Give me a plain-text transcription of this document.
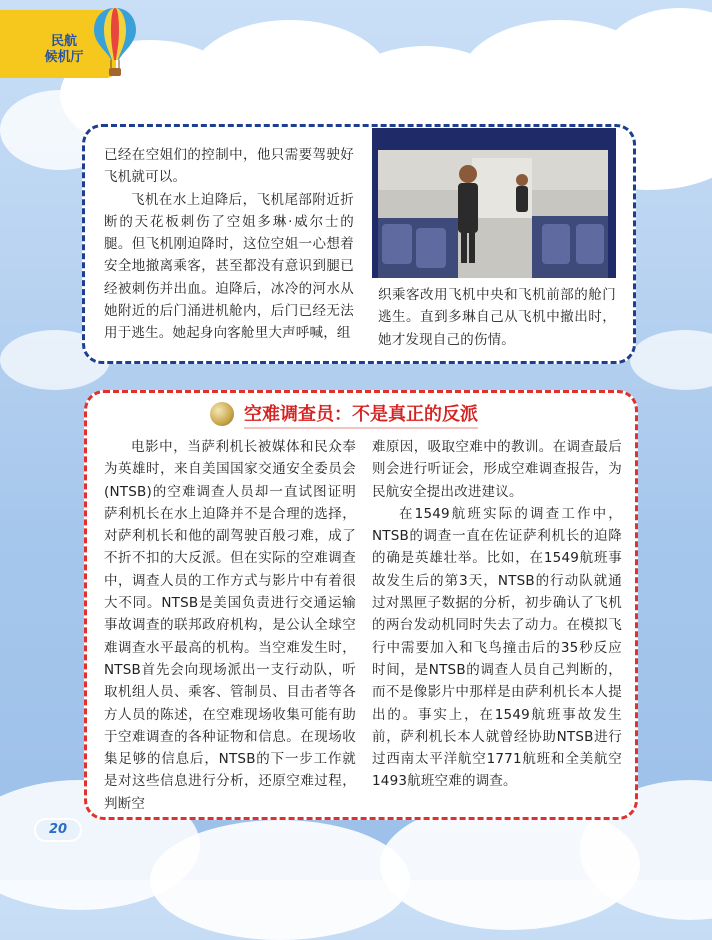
民航
候机厅

已经在空姐们的控制中，他只需要驾驶好飞机就可以。

飞机在水上迫降后，飞机尾部附近折断的天花板刺伤了空姐多琳·威尔士的腿。但飞机刚迫降时，这位空姐一心想着安全地撤离乘客，甚至都没有意识到腿已经被刺伤并出血。迫降后，冰冷的河水从她附近的后门涌进机舱内，后门已经无法用于逃生。她起身向客舱里大声呼喊，组

织乘客改用飞机中央和飞机前部的舱门逃生。直到多琳自己从飞机中撤出时，她才发现自己的伤情。

空难调查员：不是真正的反派

电影中，当萨利机长被媒体和民众奉为英雄时，来自美国国家交通安全委员会(NTSB)的空难调查人员却一直试图证明萨利机长在水上迫降并不是合理的选择，对萨利机长和他的副驾驶百般刁难，成了不折不扣的大反派。但在实际的空难调查中，调查人员的工作方式与影片中有着很大不同。NTSB是美国负责进行交通运输事故调查的联邦政府机构，是公认全球空难调查水平最高的机构。当空难发生时，NTSB首先会向现场派出一支行动队，听取机组人员、乘客、管制员、目击者等各方人员的陈述，在空难现场收集可能有助于空难调查的各种证物和信息。在现场收集足够的信息后，NTSB的下一步工作就是对这些信息进行分析，还原空难过程，判断空

难原因，吸取空难中的教训。在调查最后则会进行听证会，形成空难调查报告，为民航安全提出改进建议。

在1549航班实际的调查工作中，NTSB的调查一直在佐证萨利机长的迫降的确是英雄壮举。比如，在1549航班事故发生后的第3天，NTSB的行动队就通过对黑匣子数据的分析，初步确认了飞机的两台发动机同时失去了动力。在模拟飞行中需要加入和飞鸟撞击后的35秒反应时间，是NTSB的调查人员自己判断的，而不是像影片中那样是由萨利机长本人提出的。事实上，在1549航班事故发生前，萨利机长本人就曾经协助NTSB进行过西南太平洋航空1771航班和全美航空1493航班空难的调查。

20
